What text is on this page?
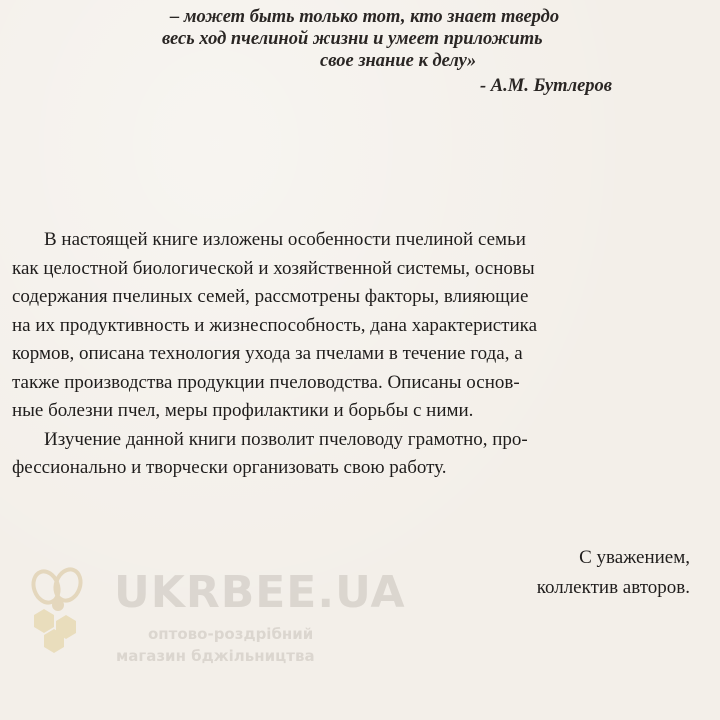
– может быть только тот, кто знает твердо
весь ход пчелиной жизни и умеет приложить
свое знание к делу»
- А.М. Бутлеров
В настоящей книге изложены особенности пчелиной семьи
как целостной биологической и хозяйственной системы, основы
содержания пчелиных семей, рассмотрены факторы, влияющие
на их продуктивность и жизнеспособность, дана характеристика
кормов, описана технология ухода за пчелами в течение года, а
также производства продукции пчеловодства. Описаны основ-
ные болезни пчел, меры профилактики и борьбы с ними.
Изучение данной книги позволит пчеловоду грамотно, про-
фессионально и творчески организовать свою работу.
С уважением,
коллектив авторов.
UKRBEE.UA
оптово-роздрібний
магазин бджільництва
